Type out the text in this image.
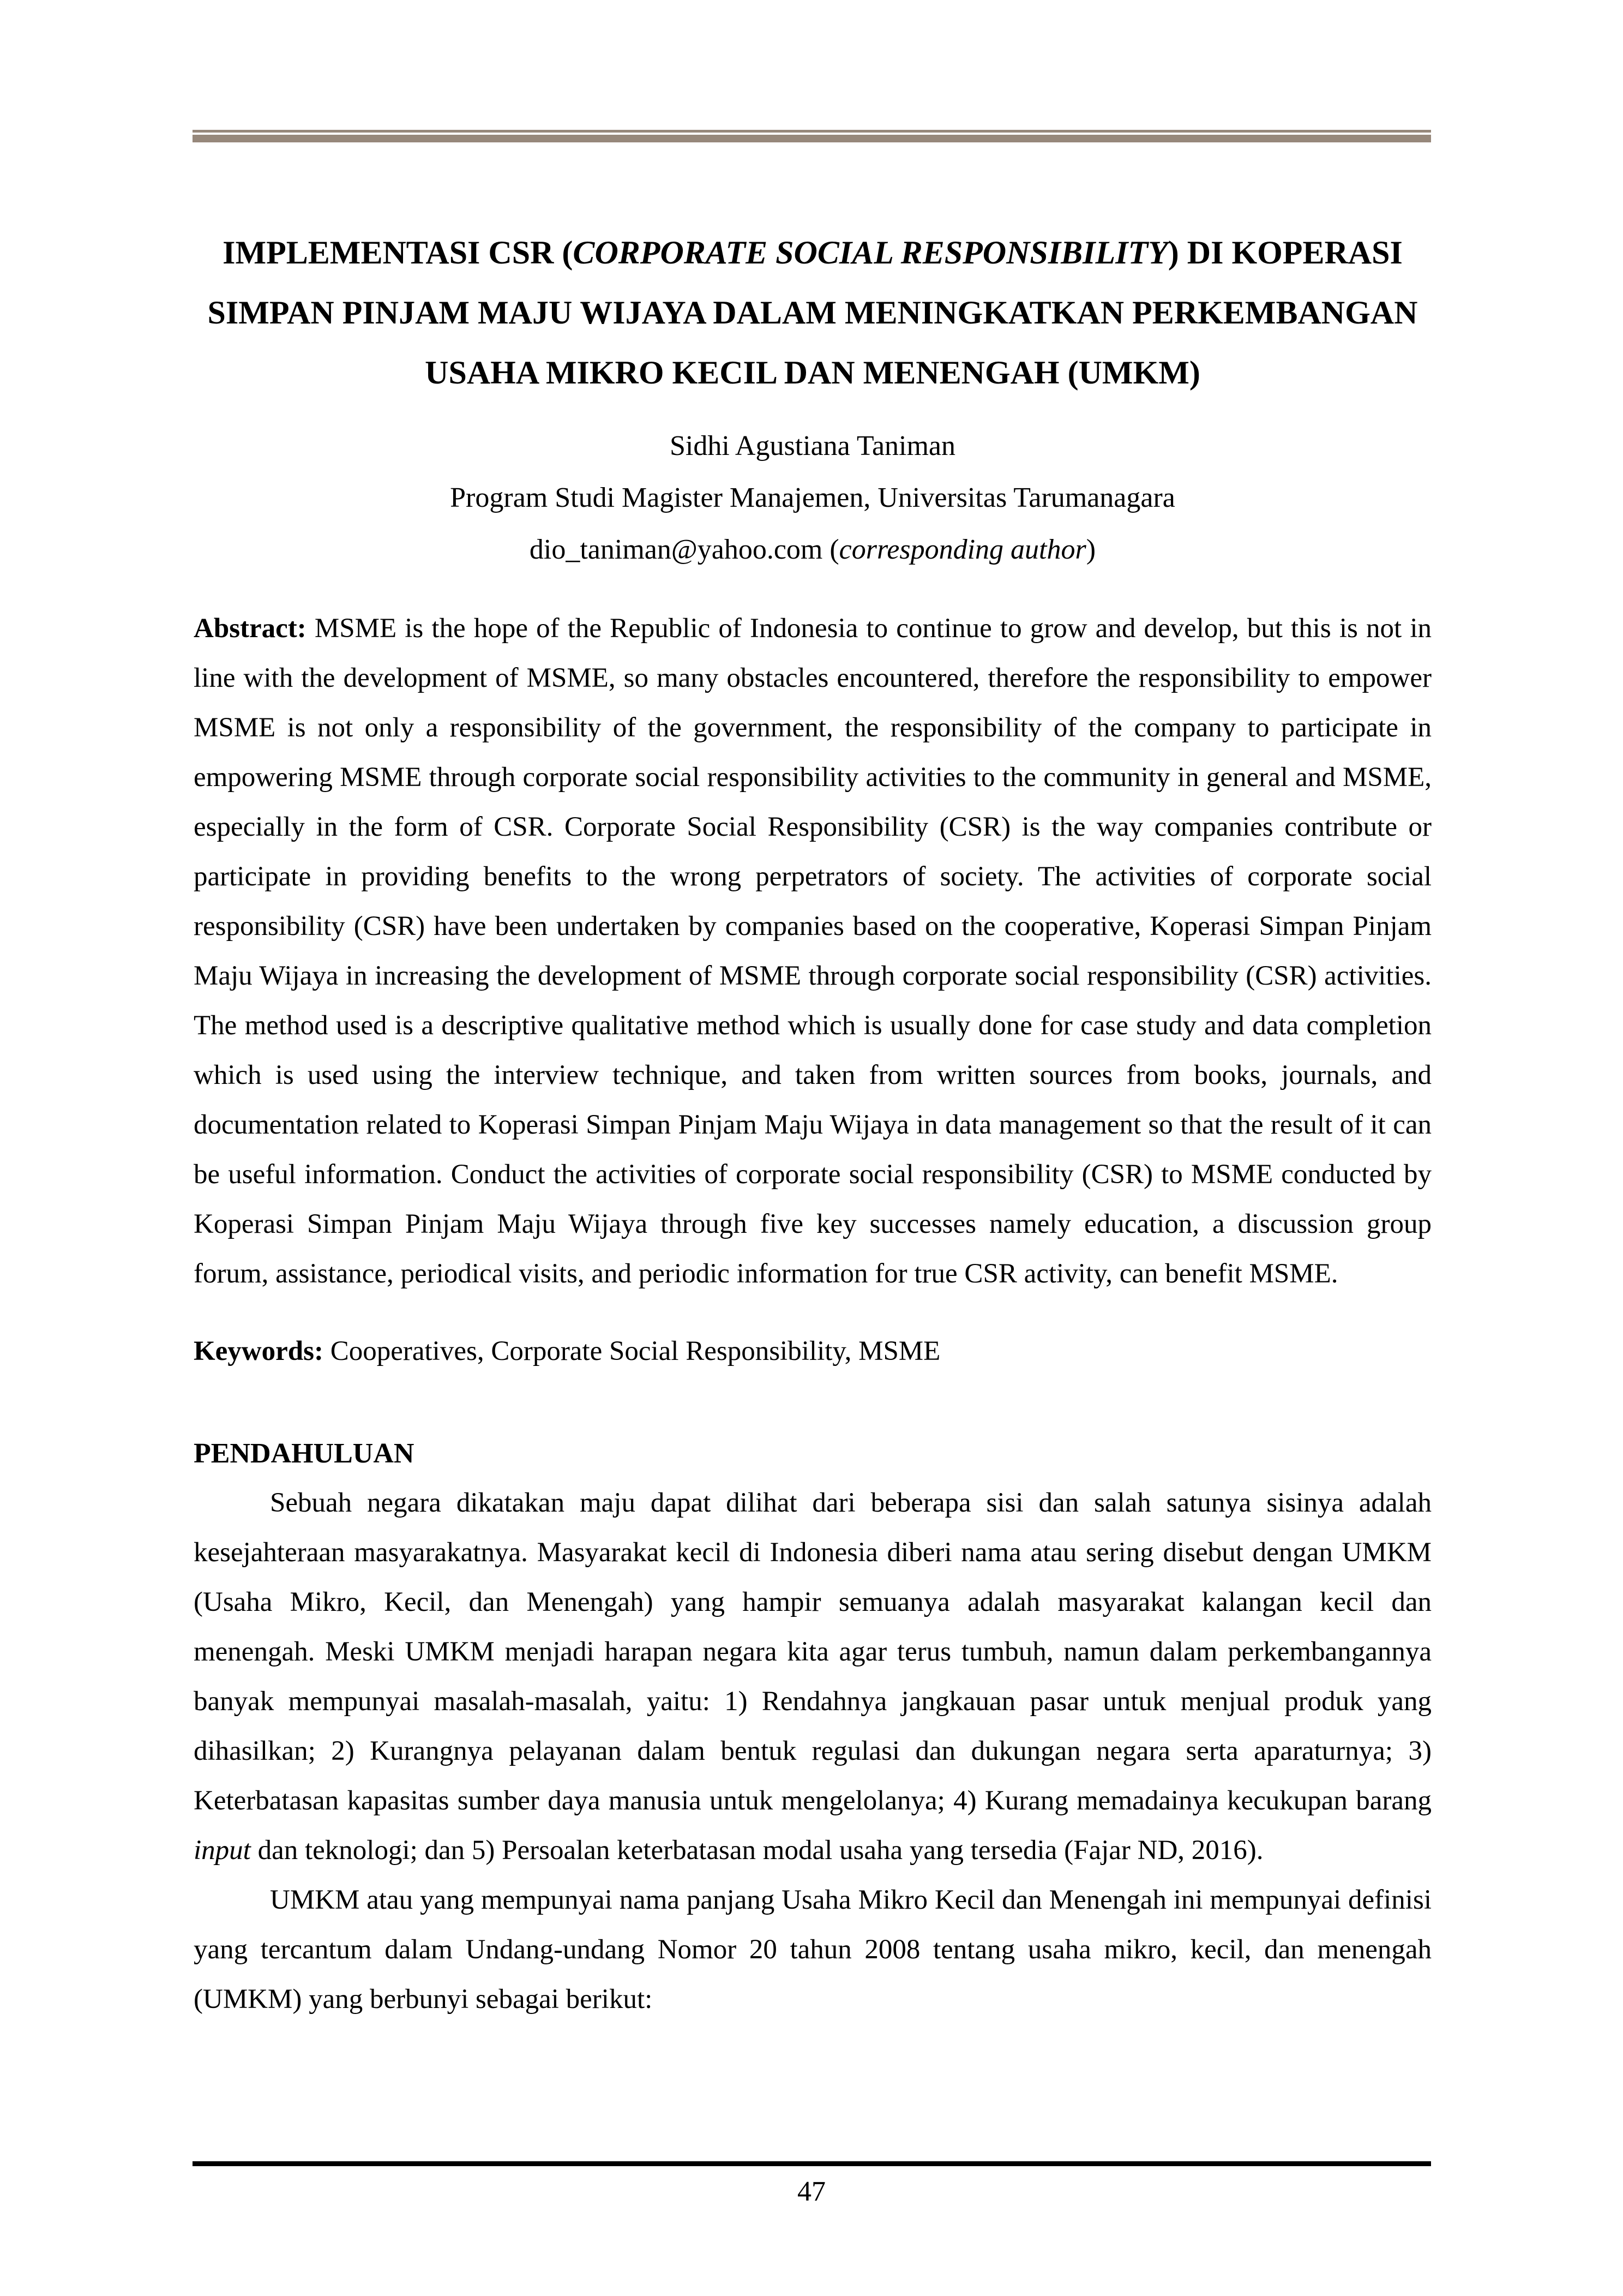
IMPLEMENTASI CSR (CORPORATE SOCIAL RESPONSIBILITY) DI KOPERASI SIMPAN PINJAM MAJU WIJAYA DALAM MENINGKATKAN PERKEMBANGAN USAHA MIKRO KECIL DAN MENENGAH (UMKM)
Sidhi Agustiana Taniman
Program Studi Magister Manajemen, Universitas Tarumanagara
dio_taniman@yahoo.com (corresponding author)

Abstract: MSME is the hope of the Republic of Indonesia to continue to grow and develop, but this is not in line with the development of MSME, so many obstacles encountered, therefore the responsibility to empower MSME is not only a responsibility of the government, the responsibility of the company to participate in empowering MSME through corporate social responsibility activities to the community in general and MSME, especially in the form of CSR. Corporate Social Responsibility (CSR) is the way companies contribute or participate in providing benefits to the wrong perpetrators of society. The activities of corporate social responsibility (CSR) have been undertaken by companies based on the cooperative, Koperasi Simpan Pinjam Maju Wijaya in increasing the development of MSME through corporate social responsibility (CSR) activities. The method used is a descriptive qualitative method which is usually done for case study and data completion which is used using the interview technique, and taken from written sources from books, journals, and documentation related to Koperasi Simpan Pinjam Maju Wijaya in data management so that the result of it can be useful information. Conduct the activities of corporate social responsibility (CSR) to MSME conducted by Koperasi Simpan Pinjam Maju Wijaya through five key successes namely education, a discussion group forum, assistance, periodical visits, and periodic information for true CSR activity, can benefit MSME.

Keywords: Cooperatives, Corporate Social Responsibility, MSME

PENDAHULUAN

Sebuah negara dikatakan maju dapat dilihat dari beberapa sisi dan salah satunya sisinya adalah kesejahteraan masyarakatnya. Masyarakat kecil di Indonesia diberi nama atau sering disebut dengan UMKM (Usaha Mikro, Kecil, dan Menengah) yang hampir semuanya adalah masyarakat kalangan kecil dan menengah. Meski UMKM menjadi harapan negara kita agar terus tumbuh, namun dalam perkembangannya banyak mempunyai masalah-masalah, yaitu: 1) Rendahnya jangkauan pasar untuk menjual produk yang dihasilkan; 2) Kurangnya pelayanan dalam bentuk regulasi dan dukungan negara serta aparaturnya; 3) Keterbatasan kapasitas sumber daya manusia untuk mengelolanya; 4) Kurang memadainya kecukupan barang input dan teknologi; dan 5) Persoalan keterbatasan modal usaha yang tersedia (Fajar ND, 2016).

UMKM atau yang mempunyai nama panjang Usaha Mikro Kecil dan Menengah ini mempunyai definisi yang tercantum dalam Undang-undang Nomor 20 tahun 2008 tentang usaha mikro, kecil, dan menengah (UMKM) yang berbunyi sebagai berikut:

47
